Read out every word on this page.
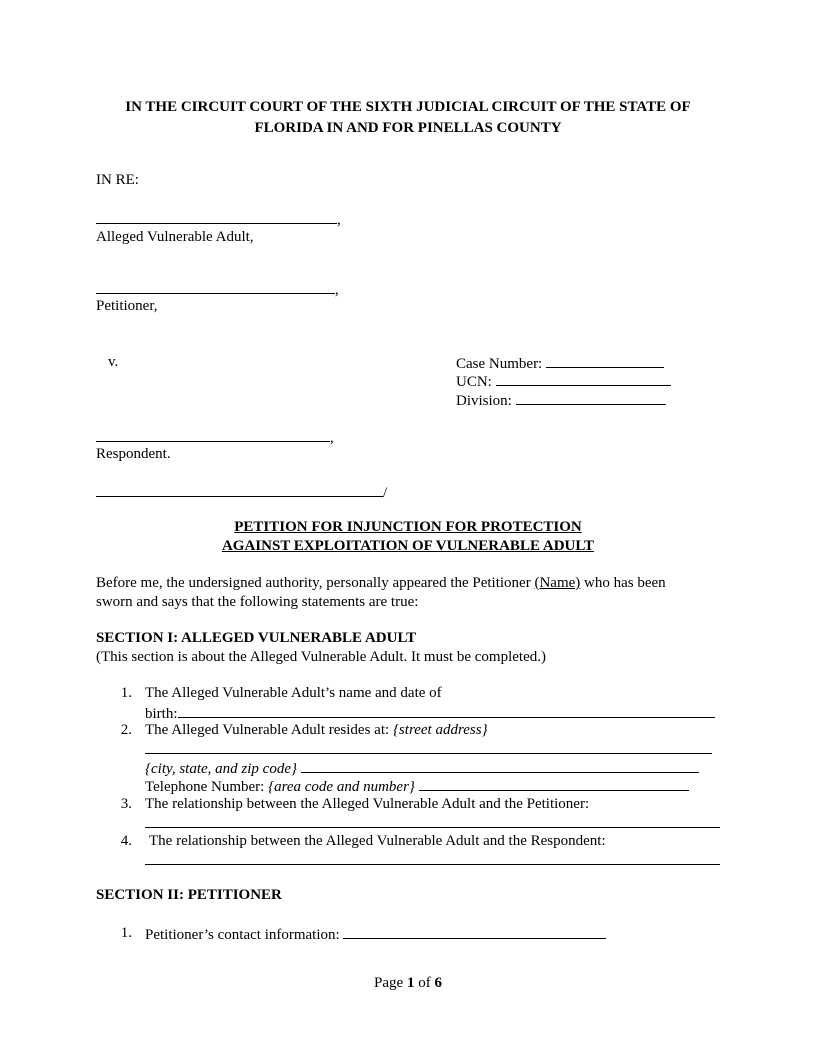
IN THE CIRCUIT COURT OF THE SIXTH JUDICIAL CIRCUIT OF THE STATE OF
FLORIDA IN AND FOR PINELLAS COUNTY
IN RE:
,
Alleged Vulnerable Adult,
,
Petitioner,
v.	Case Number:
UCN:
Division:
,
Respondent.
/
PETITION FOR INJUNCTION FOR PROTECTION
AGAINST EXPLOITATION OF VULNERABLE ADULT
Before me, the undersigned authority, personally appeared the Petitioner (Name) who has been
sworn and says that the following statements are true:
SECTION I: ALLEGED VULNERABLE ADULT
(This section is about the Alleged Vulnerable Adult. It must be completed.)
1. The Alleged Vulnerable Adult’s name and date of
birth:
2. The Alleged Vulnerable Adult resides at: {street address}
{city, state, and zip code}
Telephone Number: {area code and number}
3. The relationship between the Alleged Vulnerable Adult and the Petitioner:
4. The relationship between the Alleged Vulnerable Adult and the Respondent:
SECTION II: PETITIONER
1. Petitioner’s contact information:
Page 1 of 6
